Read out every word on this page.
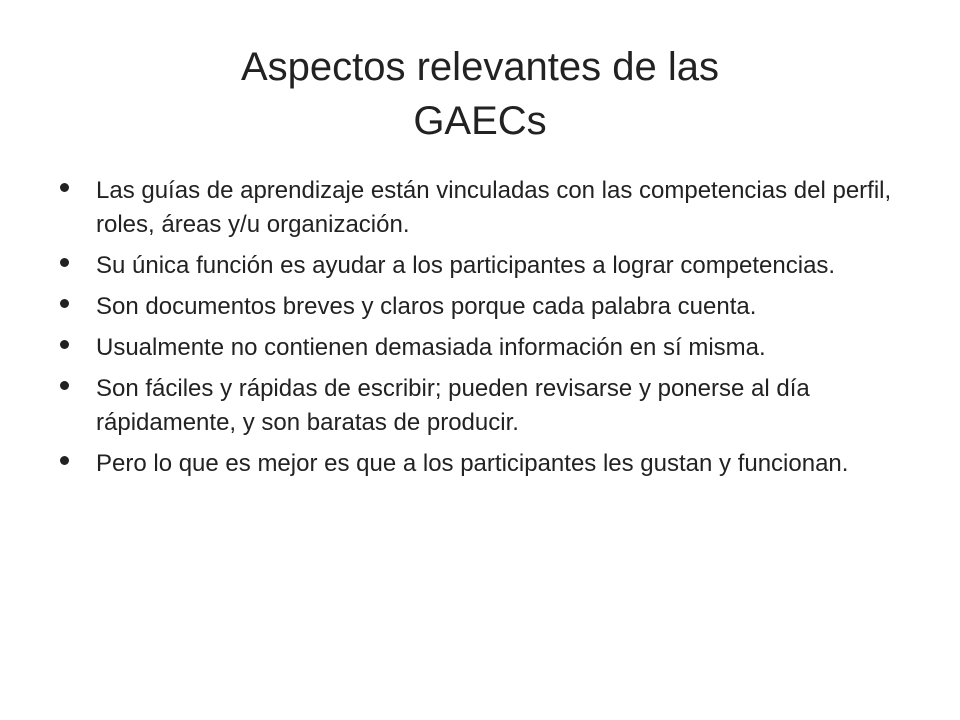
Aspectos relevantes de las
GAECs
Las guías de aprendizaje están vinculadas con las competencias del perfil, roles, áreas y/u organización.
Su única función es ayudar a los participantes a lograr competencias.
Son documentos breves y claros porque cada palabra cuenta.
Usualmente no contienen demasiada información en sí misma.
Son fáciles y rápidas de escribir; pueden revisarse y ponerse al día rápidamente, y son baratas de producir.
Pero lo que es mejor es que a los participantes les gustan y funcionan.
